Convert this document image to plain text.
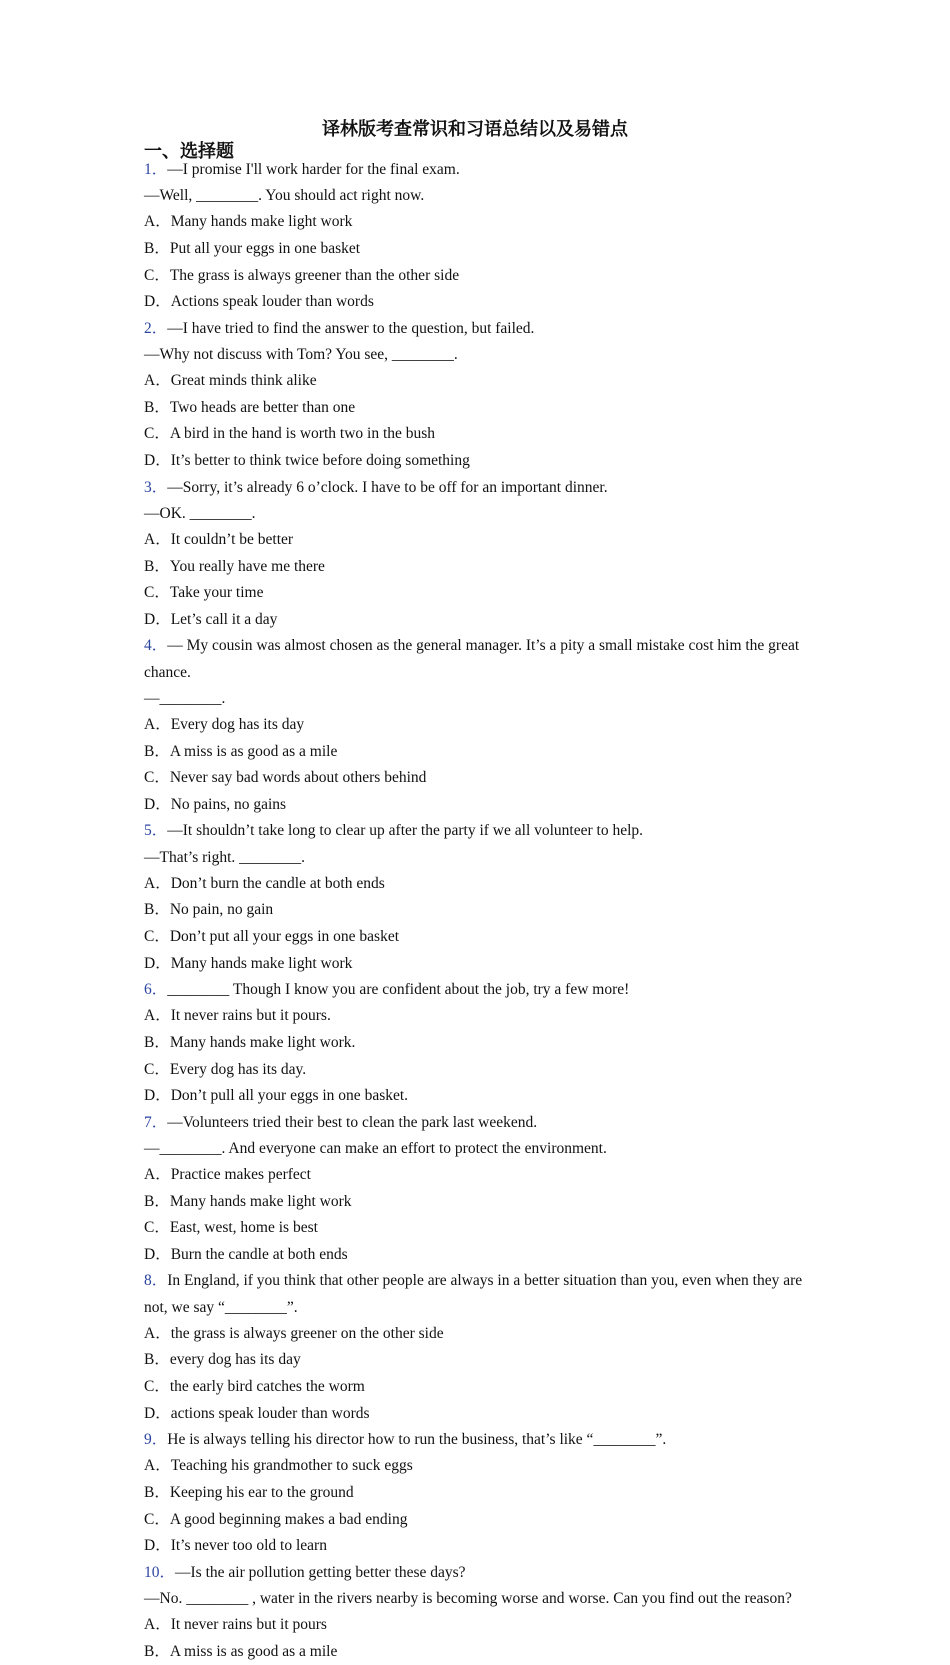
译林版考查常识和习语总结以及易错点
一、选择题
1．—I promise I'll work harder for the final exam.
—Well, ________. You should act right now.
A．Many hands make light work
B．Put all your eggs in one basket
C．The grass is always greener than the other side
D．Actions speak louder than words
2．—I have tried to find the answer to the question, but failed.
—Why not discuss with Tom? You see, ________.
A．Great minds think alike
B．Two heads are better than one
C．A bird in the hand is worth two in the bush
D．It’s better to think twice before doing something
3．—Sorry, it’s already 6 o’clock. I have to be off for an important dinner.
—OK. ________.
A．It couldn’t be better
B．You really have me there
C．Take your time
D．Let’s call it a day
4．— My cousin was almost chosen as the general manager. It’s a pity a small mistake cost him the great chance.
—________.
A．Every dog has its day
B．A miss is as good as a mile
C．Never say bad words about others behind
D．No pains, no gains
5．—It shouldn’t take long to clear up after the party if we all volunteer to help.
—That’s right. ________.
A．Don’t burn the candle at both ends
B．No pain, no gain
C．Don’t put all your eggs in one basket
D．Many hands make light work
6．________ Though I know you are confident about the job, try a few more!
A．It never rains but it pours.
B．Many hands make light work.
C．Every dog has its day.
D．Don’t pull all your eggs in one basket.
7．—Volunteers tried their best to clean the park last weekend.
—________. And everyone can make an effort to protect the environment.
A．Practice makes perfect
B．Many hands make light work
C．East, west, home is best
D．Burn the candle at both ends
8．In England, if you think that other people are always in a better situation than you, even when they are not, we say “________”.
A．the grass is always greener on the other side
B．every dog has its day
C．the early bird catches the worm
D．actions speak louder than words
9．He is always telling his director how to run the business, that’s like “________”.
A．Teaching his grandmother to suck eggs
B．Keeping his ear to the ground
C．A good beginning makes a bad ending
D．It’s never too old to learn
10．—Is the air pollution getting better these days?
—No. ________ , water in the rivers nearby is becoming worse and worse. Can you find out the reason?
A．It never rains but it pours
B．A miss is as good as a mile
